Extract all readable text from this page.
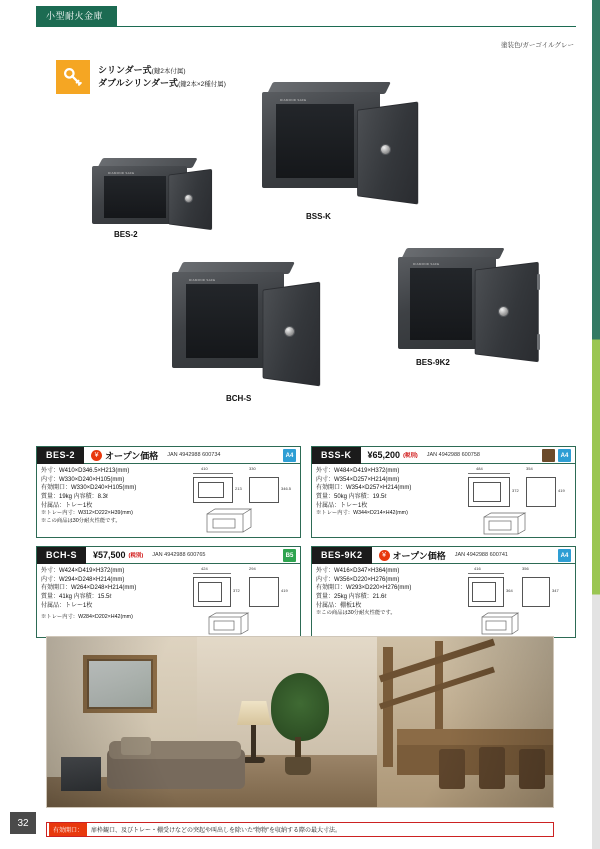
小型耐火金庫
塗装色/ガーゴイルグレー
シリンダー式(鍵2本付属)
ダブルシリンダー式(鍵2本×2種付属)
DIAMOND SAFE
BES-2
DIAMOND SAFE
BSS-K
DIAMOND SAFE
BES-9K2
DIAMOND SAFE
BCH-S
BES-2	¥ オープン価格 JAN 4942988 600734	A4
外寸：W410×D346.5×H213(mm)
内寸：W330×D240×H105(mm)
有効開口：W330×D240×H105(mm)
質量：19kg 内容積：8.3ℓ
付属品：トレー1枚
※トレー内寸：W312×D222×H39(mm)
※この商品は30分耐火性能です。
410
213
330
346.5
BSS-K	¥65,200 (税別) JAN 4942988 600758	A4
外寸：W484×D419×H372(mm)
内寸：W354×D257×H214(mm)
有効開口：W354×D257×H214(mm)
質量：50kg 内容積：19.5ℓ
付属品：トレー1枚
※トレー内寸：W344×D214×H42(mm)
484
372
354
419
BCH-S	¥57,500 (税別) JAN 4942988 600765	B5
外寸：W424×D419×H372(mm)
内寸：W294×D248×H214(mm)
有効開口：W264×D248×H214(mm)
質量：41kg 内容積：15.5ℓ
付属品：トレー1枚
※トレー内寸：W284×D202×H42(mm)
424
372
294
419
BES-9K2	¥ オープン価格 JAN 4942988 600741	A4
外寸：W416×D347×H364(mm)
内寸：W356×D220×H276(mm)
有効開口：W293×D220×H276(mm)
質量：25kg 内容積：21.6ℓ
付属品：棚板1枚
※この商品は30分耐火性能です。
416
364
356
347
32
有効開口：	扉枠観口、及びトレー・棚受けなどの突起や叫出しを除いた“物物”を収納する際の最大寸法。
